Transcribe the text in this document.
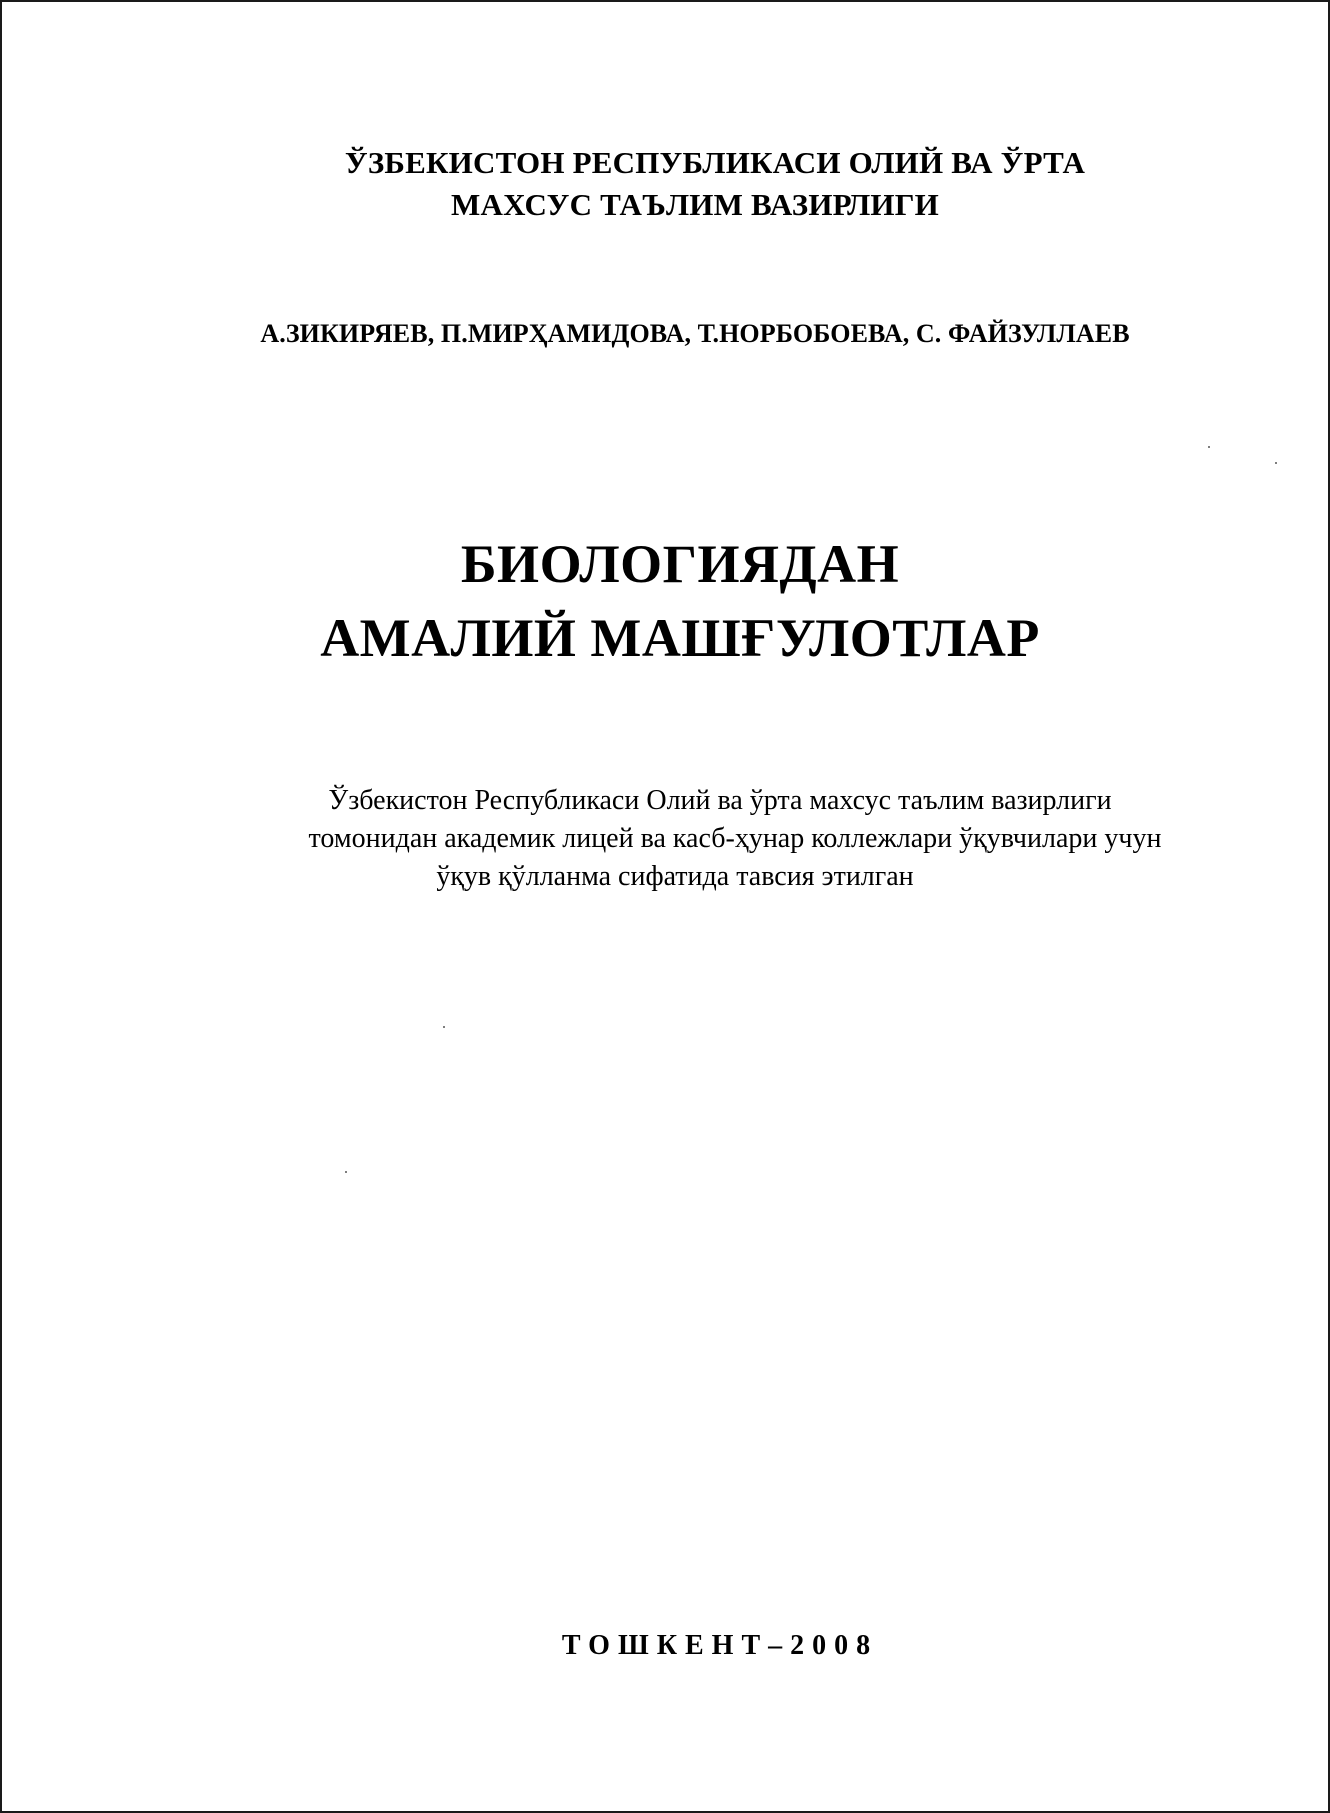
ЎЗБЕКИСТОН РЕСПУБЛИКАСИ ОЛИЙ ВА ЎРТА
МАХСУС ТАЪЛИМ ВАЗИРЛИГИ
А.ЗИКИРЯЕВ, П.МИРҲАМИДОВА, Т.НОРБОБОЕВА, С. ФАЙЗУЛЛАЕВ
БИОЛОГИЯДАН
АМАЛИЙ МАШҒУЛОТЛАР
Ўзбекистон Республикаси Олий ва ўрта махсус таълим вазирлиги
томонидан академик лицей ва касб-ҳунар коллежлари ўқувчилари учун
ўқув қўлланма сифатида тавсия этилган
ТОШКЕНТ–2008
